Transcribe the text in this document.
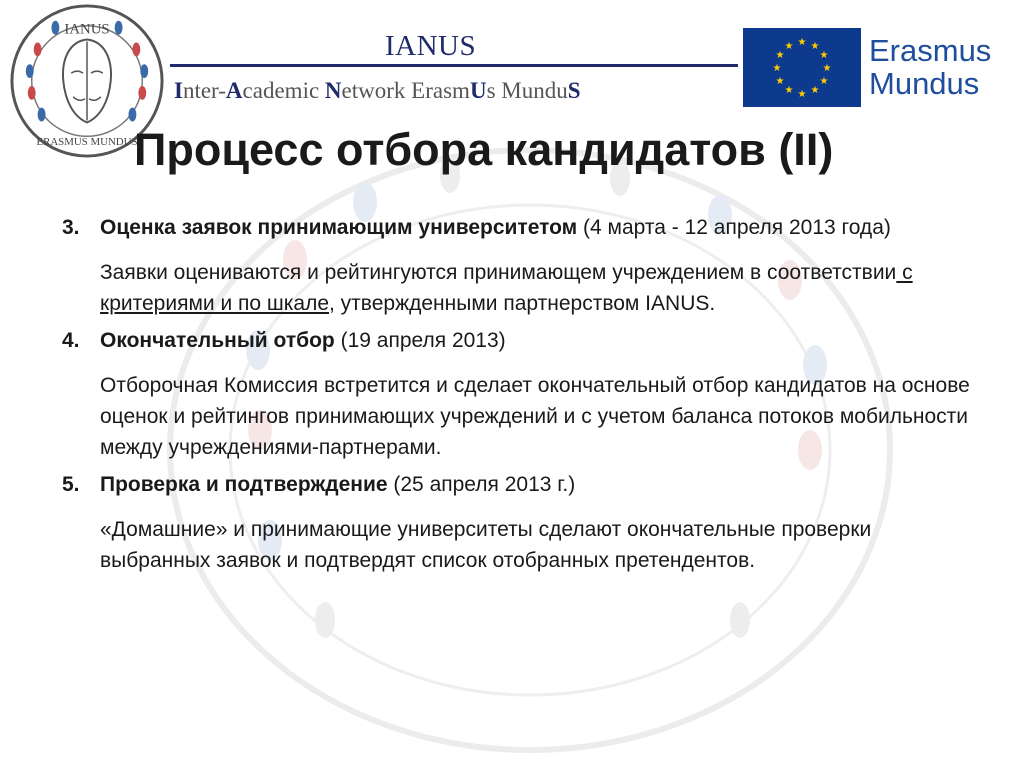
IANUS
ERASMUS MUNDUS
IANUS
Inter-Academic Network ErasmUs MunduS
★ ★
★
★
★
★
★
★
★
★
★
★ Erasmus
Mundus
Процесс отбора кандидатов (II)
3. Оценка заявок принимающим университетом (4 марта - 12 апреля 2013 года)
Заявки оцениваются и рейтингуются принимающем учреждением в соответствии с критериями и по шкале, утвержденными партнерством IANUS.
4. Окончательный отбор (19 апреля 2013)
Отборочная Комиссия встретится и сделает окончательный отбор кандидатов на основе оценок и рейтингов принимающих учреждений и с учетом баланса потоков мобильности между учреждениями-партнерами.
5. Проверка и подтверждение (25 апреля 2013 г.)
«Домашние» и принимающие университеты сделают окончательные проверки выбранных заявок и подтвердят список отобранных претендентов.
